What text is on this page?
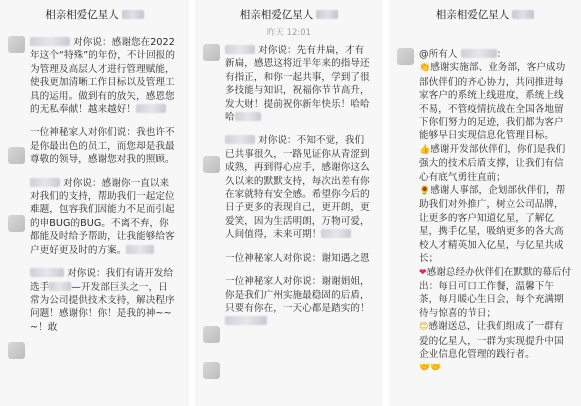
相亲相爱亿星人
对你说：感谢您在2022年这个“特殊”的年份，不计回报的为管理及高层人才进行管理赋能，使我更加清晰工作目标以及管理工具的运用。做到有的放矢，感恩您的无私奉献！越来越好！
一位神秘家人对你们说：我也许不是你最出色的员工，而您却是我最尊敬的领导，感谢您对我的照顾。
对你说：感谢你一直以来对我们的支持，帮助我们一起定位难题，包容我们因能力不足而引起的申BUG的BUG。不离不弃，你都能及时给予帮助，让我能够给客户更好更及时的方案。
对你说：我们有请开发给选手 —开发部巨头之一，日常为公司提供技术支持，解决程序问题！感谢你！你！是我的神~~~！敢
相亲相爱亿星人
昨天 12:01
对你说：先有井扁，才有新扁，感恩这将近半年来的指导还有指正，和你一起共事，学到了很多技能与知识，祝福你节节高升，发大财！提前祝你新年快乐！哈哈哈
对你说：不知不觉，我们已共事很久，一路见证你从青涩到成熟，再到得心应手，感谢你这么久以来的默默支持，每次出差有你在家就特有安全感。希望你今后的日子更多的表现自己，更开朗，更爱笑，因为生活明朗，万物可爱，人间值得，未来可期！
一位神秘家人对你说：谢知遇之恩
一位神秘家人对你说：谢谢娟姐，你是我们广州实施最稳固的后盾，只要有你在，一天心都是踏实的！
相亲相爱亿星人
@所有人	：
👏感谢实施部、业务部，客户成功部伙伴们的齐心协力，共同推进每家客户的系统上线进度，系统上线不易，不管疫情抗战在全国各地留下你们努力的足迹，我们都为客户能够早日实现信息化管理目标。
👍感谢开发部伙伴们，你们是我们强大的技术后盾支撑，让我们有信心有底气勇往直前；
🌻感谢人事部，企划部伙伴们，帮助我们对外推广，树立公司品牌，让更多的客户知道亿星，了解亿星，携手亿星，吸纳更多的各大高校人才精英加入亿星，与亿星共成长；
❤感谢总经办伙伴们在默默的幕后付出：每日可口工作餐，温馨下午茶，每月暖心生日会，每个充满期待与惊喜的节日；
😊感谢送总，让我们组成了一群有爱的亿星人，一群为实现提升中国企业信息化管理的践行者。
🤝🤝
